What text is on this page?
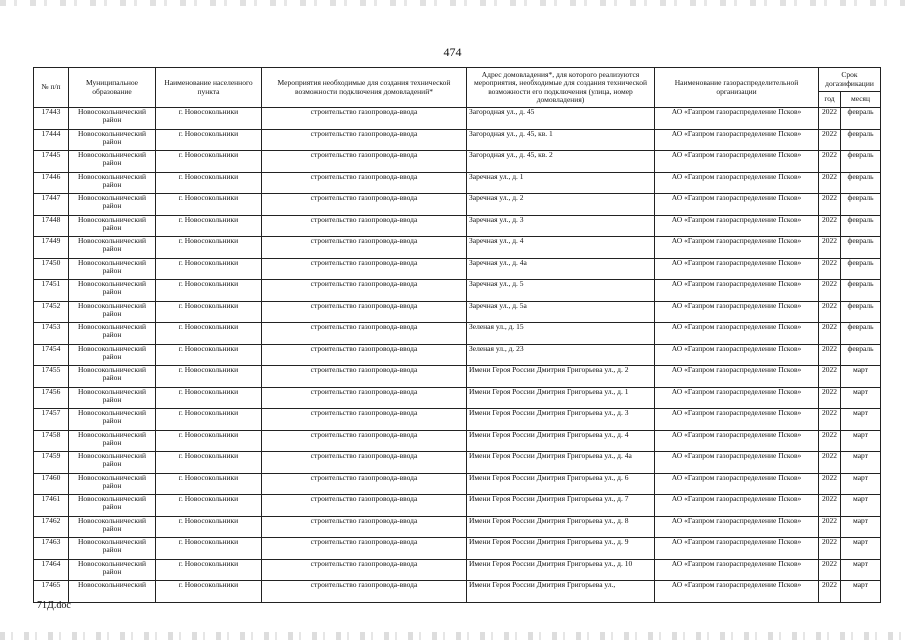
474
№ п/п	Муниципальное образование	Наименование населенного пункта	Мероприятия необходимые для создания технической возможности подключения домовладений*	Адрес домовладения*, для которого реализуются мероприятия, необходимые для создания технической возможности его подключения (улица, номер домовладения)	Наименование газораспределительной организации	Срок догазификации	
						год	месяц
17443	Новосокольнический район	г. Новосокольники	строительство газопровода-ввода	Загородная ул., д. 45	АО «Газпром газораспределение Псков»	2022	февраль
17444	Новосокольнический район	г. Новосокольники	строительство газопровода-ввода	Загородная ул., д. 45, кв. 1	АО «Газпром газораспределение Псков»	2022	февраль
17445	Новосокольнический район	г. Новосокольники	строительство газопровода-ввода	Загородная ул., д. 45, кв. 2	АО «Газпром газораспределение Псков»	2022	февраль
17446	Новосокольнический район	г. Новосокольники	строительство газопровода-ввода	Заречная ул., д. 1	АО «Газпром газораспределение Псков»	2022	февраль
17447	Новосокольнический район	г. Новосокольники	строительство газопровода-ввода	Заречная ул., д. 2	АО «Газпром газораспределение Псков»	2022	февраль
17448	Новосокольнический район	г. Новосокольники	строительство газопровода-ввода	Заречная ул., д. 3	АО «Газпром газораспределение Псков»	2022	февраль
17449	Новосокольнический район	г. Новосокольники	строительство газопровода-ввода	Заречная ул., д. 4	АО «Газпром газораспределение Псков»	2022	февраль
17450	Новосокольнический район	г. Новосокольники	строительство газопровода-ввода	Заречная ул., д. 4а	АО «Газпром газораспределение Псков»	2022	февраль
17451	Новосокольнический район	г. Новосокольники	строительство газопровода-ввода	Заречная ул., д. 5	АО «Газпром газораспределение Псков»	2022	февраль
17452	Новосокольнический район	г. Новосокольники	строительство газопровода-ввода	Заречная ул., д. 5а	АО «Газпром газораспределение Псков»	2022	февраль
17453	Новосокольнический район	г. Новосокольники	строительство газопровода-ввода	Зеленая ул., д. 15	АО «Газпром газораспределение Псков»	2022	февраль
17454	Новосокольнический район	г. Новосокольники	строительство газопровода-ввода	Зеленая ул., д. 23	АО «Газпром газораспределение Псков»	2022	февраль
17455	Новосокольнический район	г. Новосокольники	строительство газопровода-ввода	Имени Героя России Дмитрия Григорьева ул., д. 2	АО «Газпром газораспределение Псков»	2022	март
17456	Новосокольнический район	г. Новосокольники	строительство газопровода-ввода	Имени Героя России Дмитрия Григорьева ул., д. 1	АО «Газпром газораспределение Псков»	2022	март
17457	Новосокольнический район	г. Новосокольники	строительство газопровода-ввода	Имени Героя России Дмитрия Григорьева ул., д. 3	АО «Газпром газораспределение Псков»	2022	март
17458	Новосокольнический район	г. Новосокольники	строительство газопровода-ввода	Имени Героя России Дмитрия Григорьева ул., д. 4	АО «Газпром газораспределение Псков»	2022	март
17459	Новосокольнический район	г. Новосокольники	строительство газопровода-ввода	Имени Героя России Дмитрия Григорьева ул., д. 4а	АО «Газпром газораспределение Псков»	2022	март
17460	Новосокольнический район	г. Новосокольники	строительство газопровода-ввода	Имени Героя России Дмитрия Григорьева ул., д. 6	АО «Газпром газораспределение Псков»	2022	март
17461	Новосокольнический район	г. Новосокольники	строительство газопровода-ввода	Имени Героя России Дмитрия Григорьева ул., д. 7	АО «Газпром газораспределение Псков»	2022	март
17462	Новосокольнический район	г. Новосокольники	строительство газопровода-ввода	Имени Героя России Дмитрия Григорьева ул., д. 8	АО «Газпром газораспределение Псков»	2022	март
17463	Новосокольнический район	г. Новосокольники	строительство газопровода-ввода	Имени Героя России Дмитрия Григорьева ул., д. 9	АО «Газпром газораспределение Псков»	2022	март
17464	Новосокольнический район	г. Новосокольники	строительство газопровода-ввода	Имени Героя России Дмитрия Григорьева ул., д. 10	АО «Газпром газораспределение Псков»	2022	март
17465	Новосокольнический	г. Новосокольники	строительство газопровода-ввода	Имени Героя России Дмитрия Григорьева ул.,	АО «Газпром газораспределение Псков»	2022	март
71Д.doc
